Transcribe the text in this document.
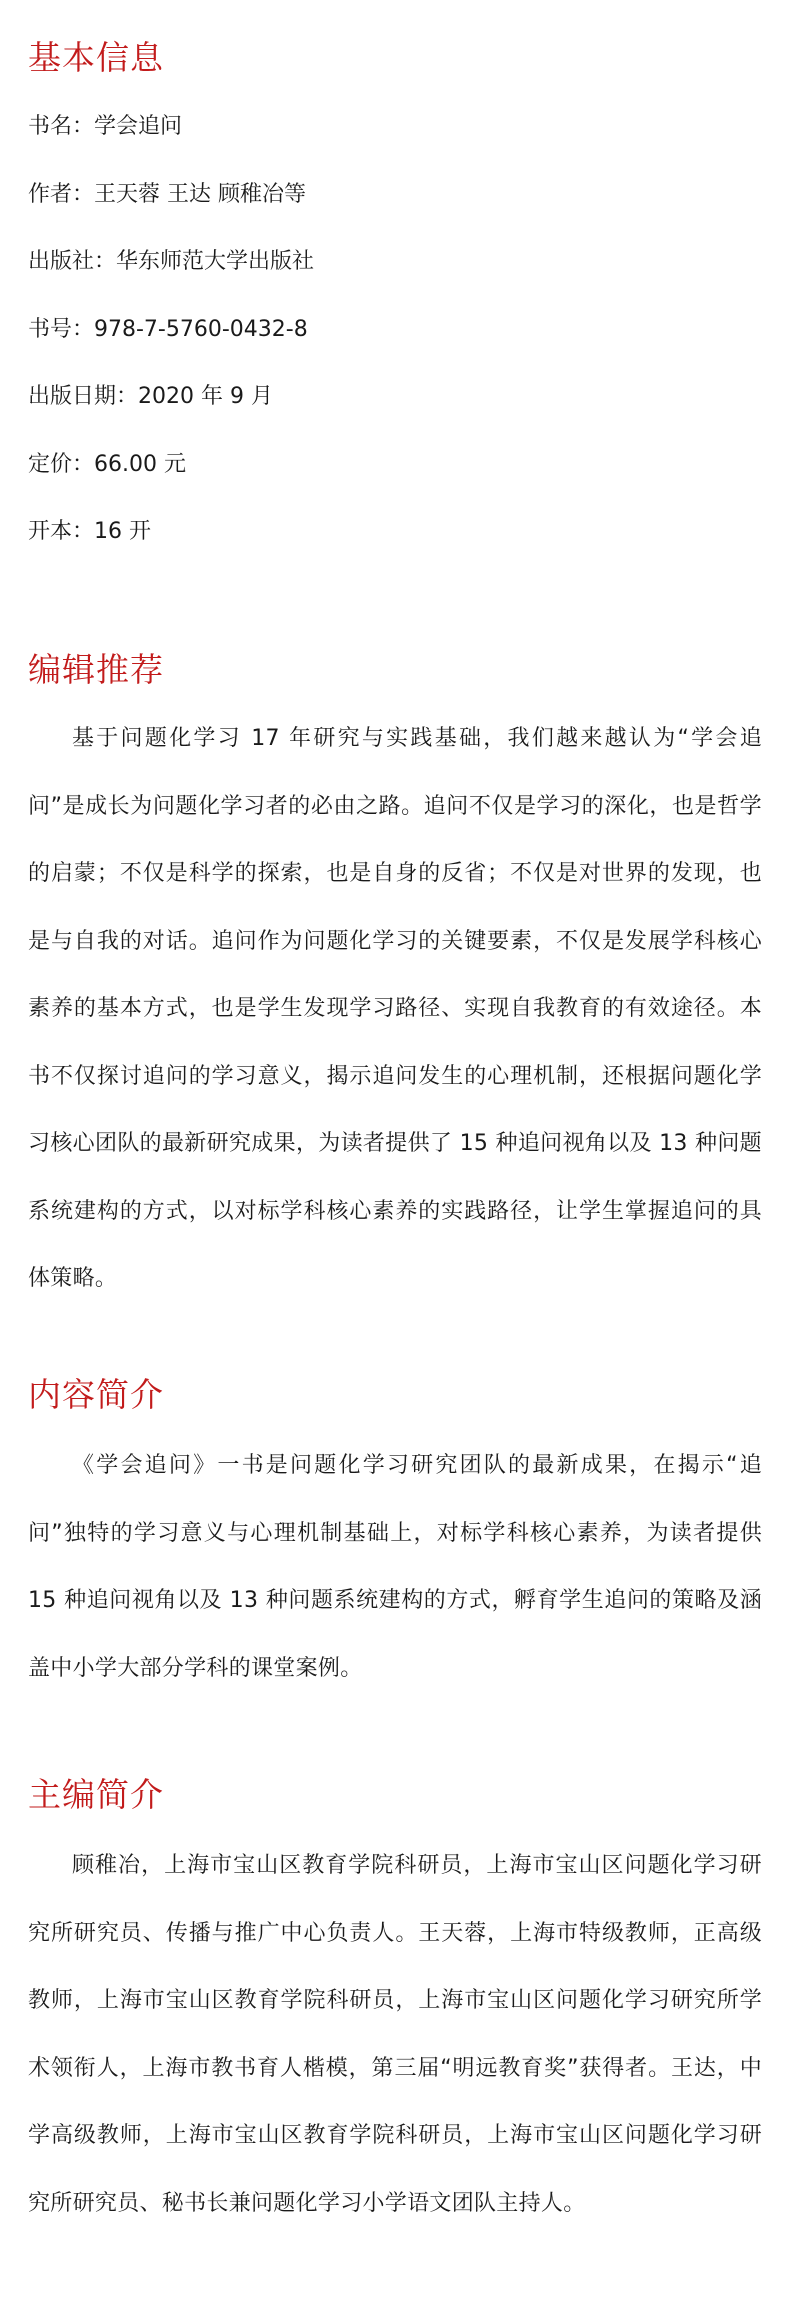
基本信息

书名：学会追问

作者：王天蓉 王达 顾稚冶等

出版社：华东师范大学出版社

书号：978-7-5760-0432-8

出版日期：2020 年 9 月

定价：66.00 元

开本：16 开

编辑推荐

基于问题化学习 17 年研究与实践基础，我们越来越认为“学会追问”是成长为问题化学习者的必由之路。追问不仅是学习的深化，也是哲学的启蒙；不仅是科学的探索，也是自身的反省；不仅是对世界的发现，也是与自我的对话。追问作为问题化学习的关键要素，不仅是发展学科核心素养的基本方式，也是学生发现学习路径、实现自我教育的有效途径。本书不仅探讨追问的学习意义，揭示追问发生的心理机制，还根据问题化学习核心团队的最新研究成果，为读者提供了 15 种追问视角以及 13 种问题系统建构的方式，以对标学科核心素养的实践路径，让学生掌握追问的具体策略。

内容简介

《学会追问》一书是问题化学习研究团队的最新成果，在揭示“追问”独特的学习意义与心理机制基础上，对标学科核心素养，为读者提供 15 种追问视角以及 13 种问题系统建构的方式，孵育学生追问的策略及涵盖中小学大部分学科的课堂案例。

主编简介

顾稚冶，上海市宝山区教育学院科研员，上海市宝山区问题化学习研究所研究员、传播与推广中心负责人。王天蓉，上海市特级教师，正高级教师，上海市宝山区教育学院科研员，上海市宝山区问题化学习研究所学术领衔人，上海市教书育人楷模，第三届“明远教育奖”获得者。王达，中学高级教师，上海市宝山区教育学院科研员，上海市宝山区问题化学习研究所研究员、秘书长兼问题化学习小学语文团队主持人。
